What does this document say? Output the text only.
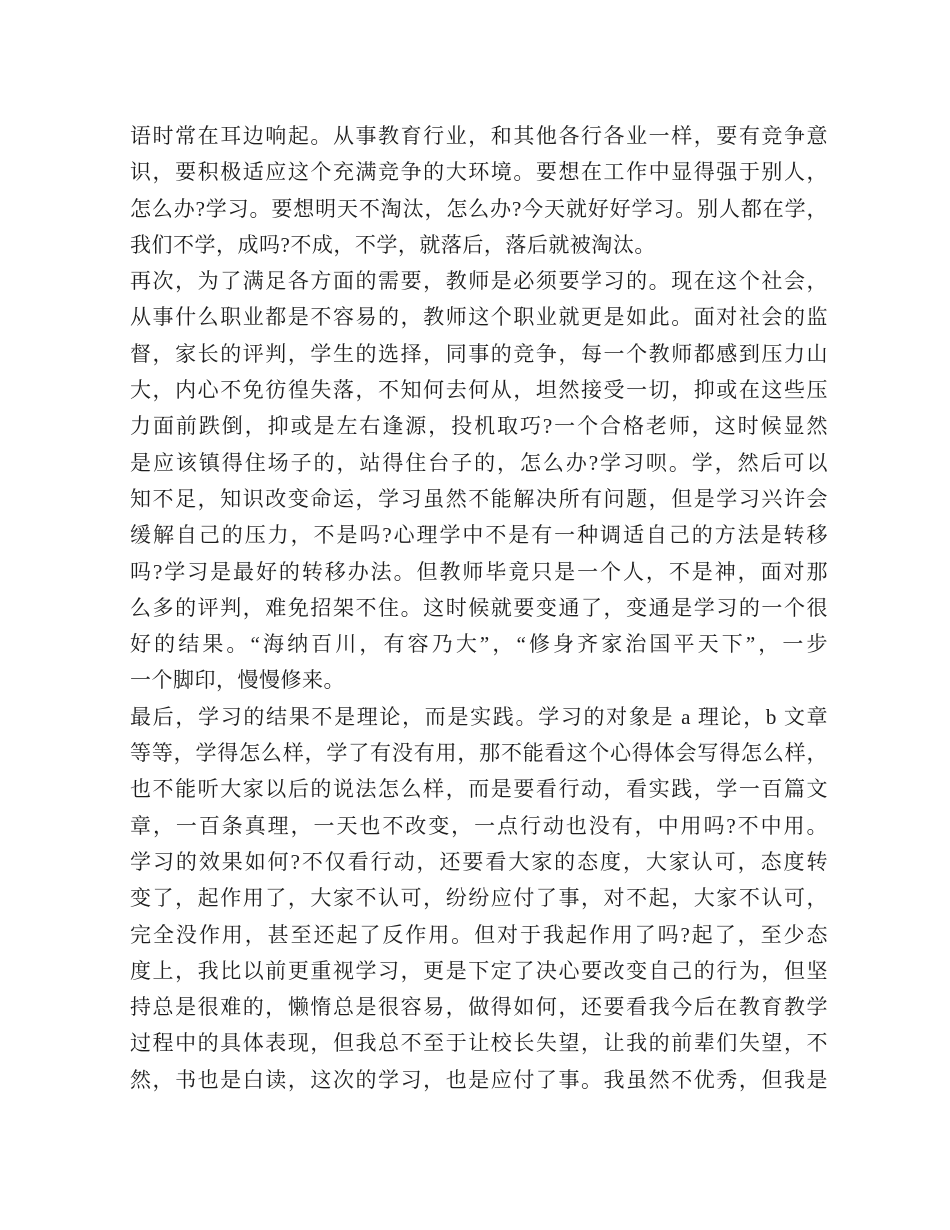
语时常在耳边响起。从事教育行业，和其他各行各业一样，要有竞争意
识，要积极适应这个充满竞争的大环境。要想在工作中显得强于别人，
怎么办?学习。要想明天不淘汰，怎么办?今天就好好学习。别人都在学，
我们不学，成吗?不成，不学，就落后，落后就被淘汰。
再次，为了满足各方面的需要，教师是必须要学习的。现在这个社会，
从事什么职业都是不容易的，教师这个职业就更是如此。面对社会的监
督，家长的评判，学生的选择，同事的竞争，每一个教师都感到压力山
大，内心不免彷徨失落，不知何去何从，坦然接受一切，抑或在这些压
力面前跌倒，抑或是左右逢源，投机取巧?一个合格老师，这时候显然
是应该镇得住场子的，站得住台子的，怎么办?学习呗。学，然后可以
知不足，知识改变命运，学习虽然不能解决所有问题，但是学习兴许会
缓解自己的压力，不是吗?心理学中不是有一种调适自己的方法是转移
吗?学习是最好的转移办法。但教师毕竟只是一个人，不是神，面对那
么多的评判，难免招架不住。这时候就要变通了，变通是学习的一个很
好的结果。“海纳百川，有容乃大”，“修身齐家治国平天下”，一步
一个脚印，慢慢修来。
最后，学习的结果不是理论，而是实践。学习的对象是 a 理论，b 文章
等等，学得怎么样，学了有没有用，那不能看这个心得体会写得怎么样，
也不能听大家以后的说法怎么样，而是要看行动，看实践，学一百篇文
章，一百条真理，一天也不改变，一点行动也没有，中用吗?不中用。
学习的效果如何?不仅看行动，还要看大家的态度，大家认可，态度转
变了，起作用了，大家不认可，纷纷应付了事，对不起，大家不认可，
完全没作用，甚至还起了反作用。但对于我起作用了吗?起了，至少态
度上，我比以前更重视学习，更是下定了决心要改变自己的行为，但坚
持总是很难的，懒惰总是很容易，做得如何，还要看我今后在教育教学
过程中的具体表现，但我总不至于让校长失望，让我的前辈们失望，不
然，书也是白读，这次的学习，也是应付了事。我虽然不优秀，但我是
